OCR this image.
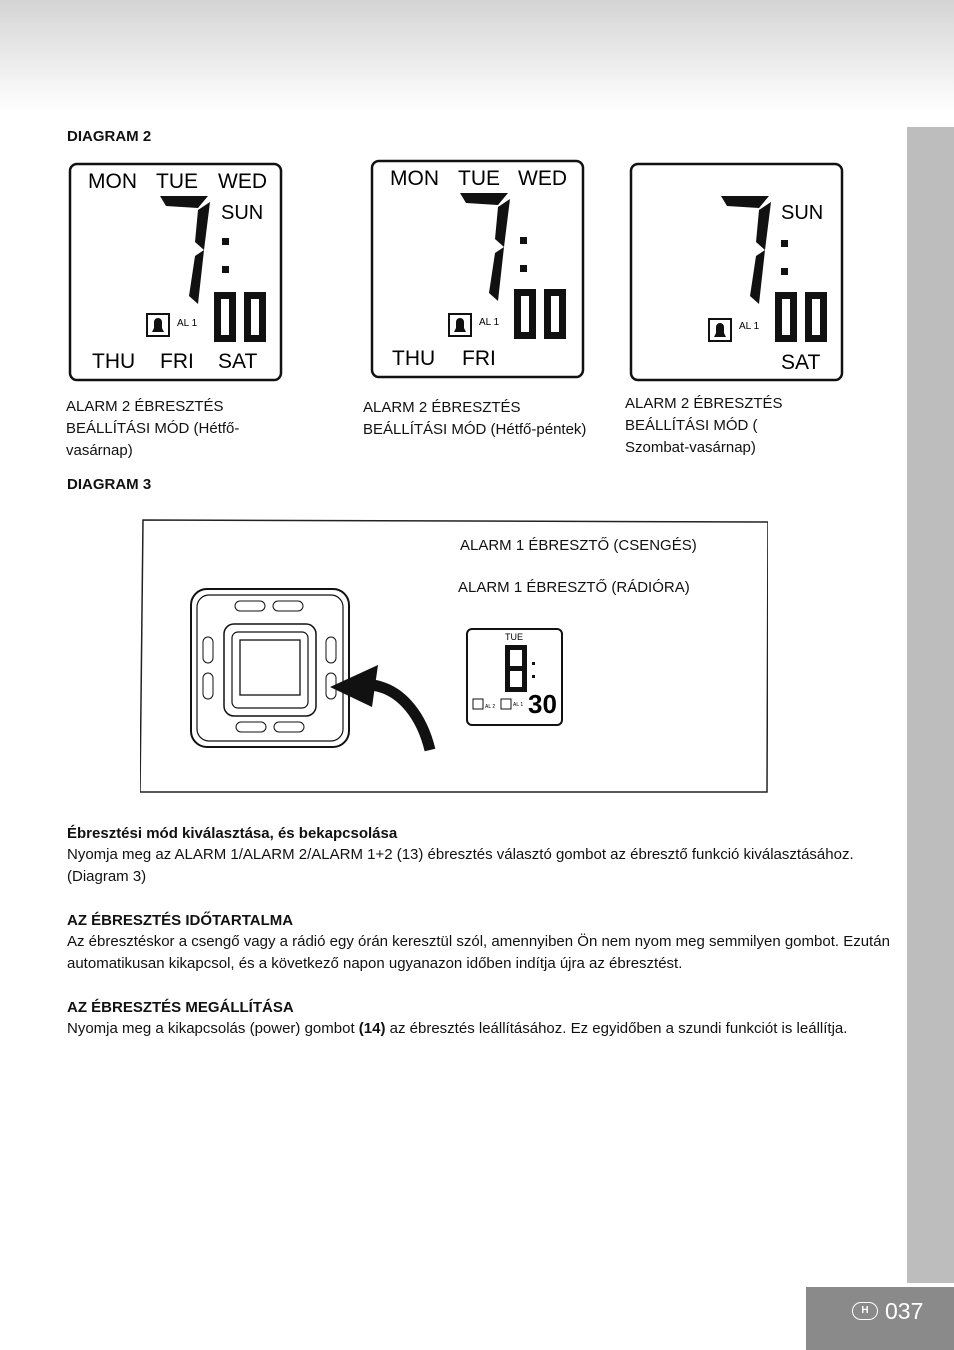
DIAGRAM 2

MON TUE WED
SUN
AL 1
THU FRI SAT
MON TUE WED
AL 1
THU FRI
SUN
AL 1
SAT
ALARM 2 ÉBRESZTÉS
BEÁLLÍTÁSI MÓD (Hétfő-
vasárnap)
ALARM 2 ÉBRESZTÉS
BEÁLLÍTÁSI MÓD (Hétfő-péntek)
ALARM 2 ÉBRESZTÉS
BEÁLLÍTÁSI MÓD (
Szombat-vasárnap)

DIAGRAM 3

TUE
30
AL 2	AL 1

ALARM 1 ÉBRESZTŐ (CSENGÉS)

ALARM 1 ÉBRESZTŐ (RÁDIÓRA)

Ébresztési mód kiválasztása, és bekapcsolása

Nyomja meg az ALARM 1/ALARM 2/ALARM 1+2 (13) ébresztés választó gombot az ébresztő funkció kiválasztásához. (Diagram 3)

AZ ÉBRESZTÉS IDŐTARTALMA

Az ébresztéskor a csengő vagy a rádió egy órán keresztül szól, amennyiben Ön nem nyom meg semmilyen gombot. Ezután automatikusan kikapcsol, és a következő napon ugyanazon időben indítja újra az ébresztést.

AZ ÉBRESZTÉS MEGÁLLÍTÁSA

Nyomja meg a kikapcsolás (power) gombot (14) az ébresztés leállításához. Ez egyidőben a szundi funkciót is leállítja.

H 037
